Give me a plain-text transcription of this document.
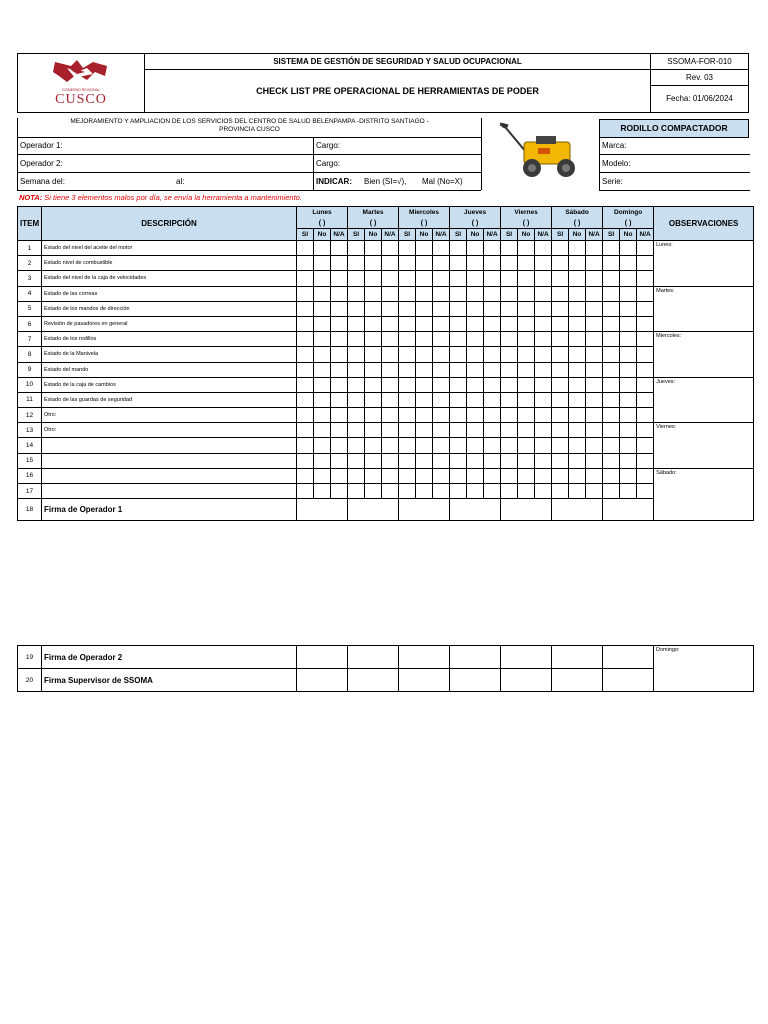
GOBIERNO REGIONAL
CUSCO
SISTEMA DE GESTIÓN DE SEGURIDAD Y SALUD OCUPACIONAL
CHECK LIST PRE OPERACIONAL DE HERRAMIENTAS DE PODER
SSOMA-FOR-010
Rev. 03
Fecha: 01/06/2024
MEJORAMIENTO Y AMPLIACION DE LOS SERVICIOS DEL CENTRO DE SALUD BELENPAMPA -DISTRITO SANTIAGO -
PROVINCIA CUSCO	RODILLO COMPACTADOR
Operador 1:	Cargo:
Operador 2:	Cargo:
Semana del:	al:	INDICAR: Bien (SI=√), Mal (No=X)
Marca:
Modelo:
Serie:
NOTA: Si tiene 3 elementos malos por día, se envía la herramienta a mantenimiento.
ITEM	DESCRIPCIÓN	Lunes			Martes			Miercoles			Jueves			Viernes			Sábado			Domingo			OBSERVACIONES
		( )			( )			( )			( )			( )			( )			( )			
		SI	No	N/A	SI	No	N/A	SI	No	N/A	SI	No	N/A	SI	No	N/A	SI	No	N/A	SI	No	N/A	
1	Estado del nivel del aceite del motor																						Lunes:
2	Estado nivel de combustible																						
3	Estado del nivel de la caja de velocidades																						
4	Estado de las correas																						Martes:
5	Estado de los mandos de dirección																						
6	Revisión de pasadores en general																						
7	Estado de los rodillos																						Miercoles:
8	Estado de la Manivela																						
9	Estado del mando																						
10	Estado de la caja de cambios																						Jueves:
11	Estado de las guardas de seguridad																						
12	Otro:																						
13	Otro:																						Viernes:
14																							
15																							
16																							Sábado:
17																							
18	Firma de Operador 1																						
19	Firma de Operador 2								Domingo:
20	Firma Supervisor de SSOMA								
